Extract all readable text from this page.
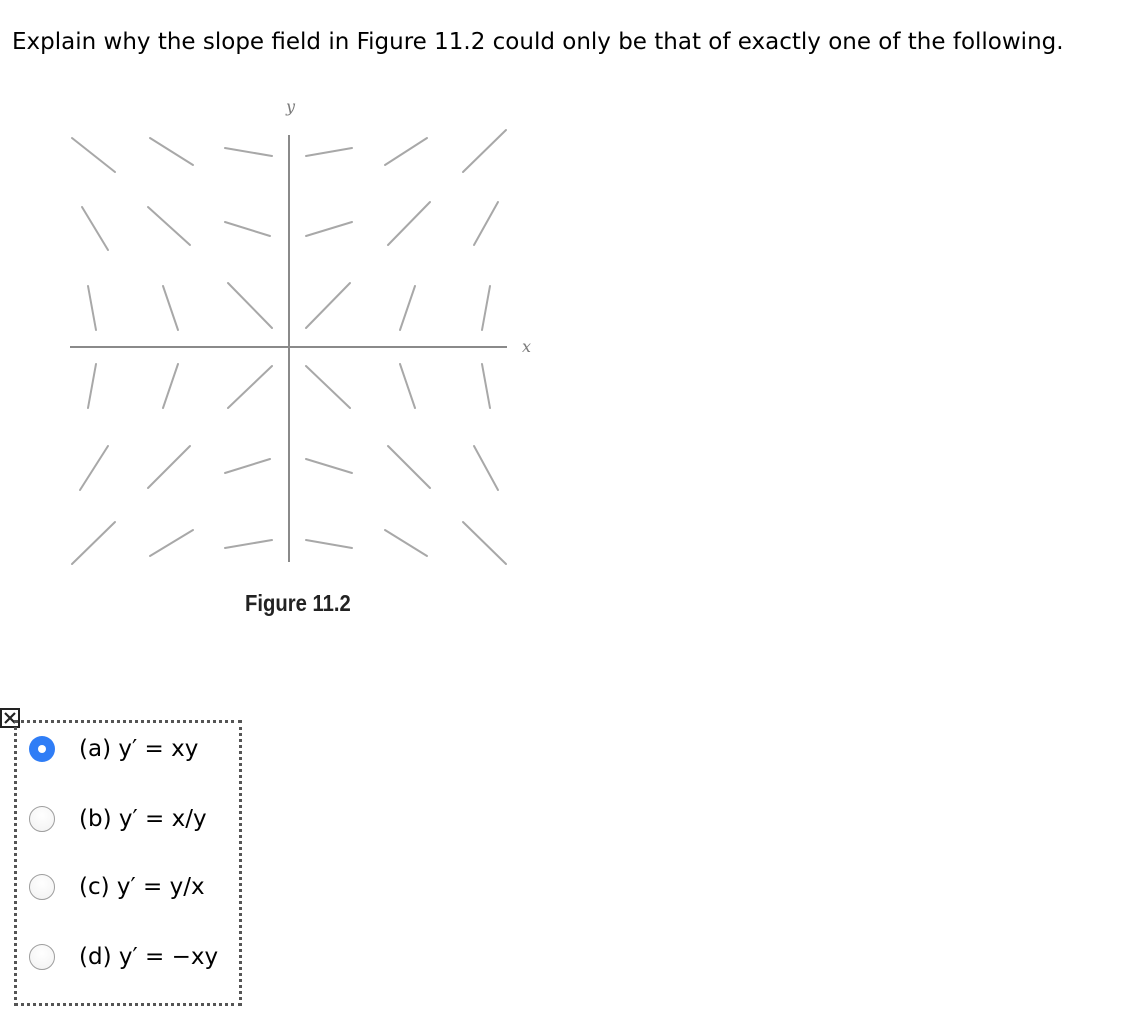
Explain why the slope field in Figure 11.2 could only be that of exactly one of the following.
y
x
Figure 11.2
(a) y′ = xy
(b) y′ = x/y
(c) y′ = y/x
(d) y′ = −xy
